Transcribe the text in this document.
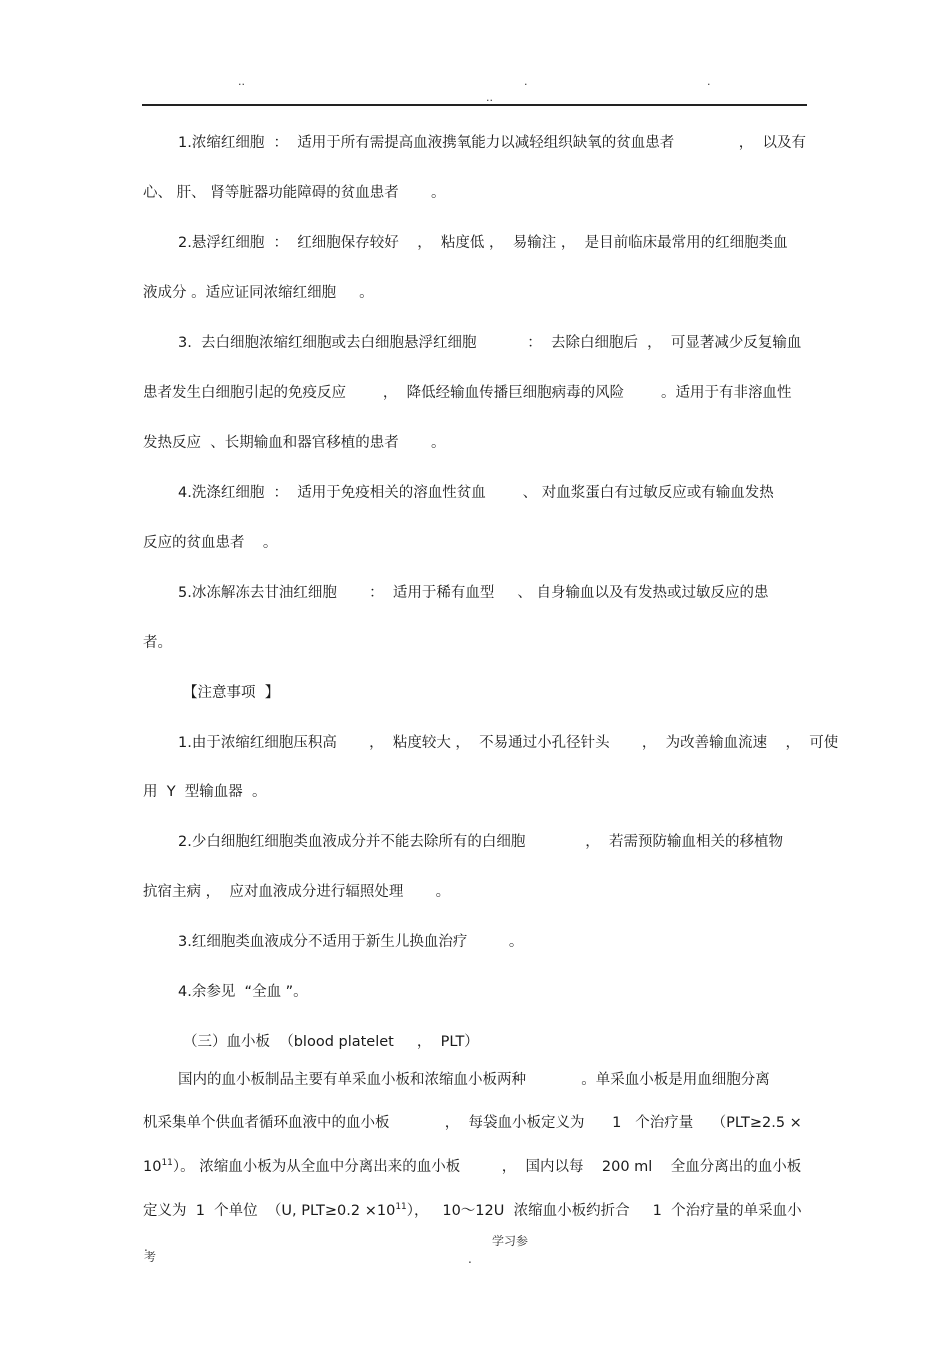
..	.	.
..
1.浓缩红细胞  ：  适用于所有需提高血液携氧能力以减轻组织缺氧的贫血患者              ，  以及有
心、 肝、 肾等脏器功能障碍的贫血患者       。
2.悬浮红细胞  ：  红细胞保存较好    ，  粘度低 ，  易输注 ，  是目前临床最常用的红细胞类血
液成分 。适应证同浓缩红细胞     。
3.  去白细胞浓缩红细胞或去白细胞悬浮红细胞           ：  去除白细胞后  ，  可显著减少反复输血
患者发生白细胞引起的免疫反应        ，  降低经输血传播巨细胞病毒的风险        。适用于有非溶血性
发热反应  、长期输血和器官移植的患者       。
4.洗涤红细胞  ：  适用于免疫相关的溶血性贫血        、 对血浆蛋白有过敏反应或有输血发热
反应的贫血患者    。
5.冰冻解冻去甘油红细胞       ：  适用于稀有血型     、 自身输血以及有发热或过敏反应的患
者。
【注意事项  】
1.由于浓缩红细胞压积高       ，  粘度较大 ，  不易通过小孔径针头       ，  为改善输血流速    ，  可使
用  Y  型输血器  。
2.少白细胞红细胞类血液成分并不能去除所有的白细胞             ，  若需预防输血相关的移植物
抗宿主病 ，  应对血液成分进行辐照处理       。
3.红细胞类血液成分不适用于新生儿换血治疗         。
4.余参见  “全血 ”。
（三）血小板  （blood platelet     ，  PLT）
国内的血小板制品主要有单采血小板和浓缩血小板两种            。单采血小板是用血细胞分离
机采集单个供血者循环血液中的血小板            ，  每袋血小板定义为      1   个治疗量    （PLT≥2.5 ×
$10^{11}$）。 浓缩血小板为从全血中分离出来的血小板         ，  国内以每    200 ml    全血分离出的血小板
定义为  1  个单位  （U, $PLT\ge 0.2 \times 10^{11}$），   10～12U  浓缩血小板约折合     1  个治疗量的单采血小
学习参
.
考	.
